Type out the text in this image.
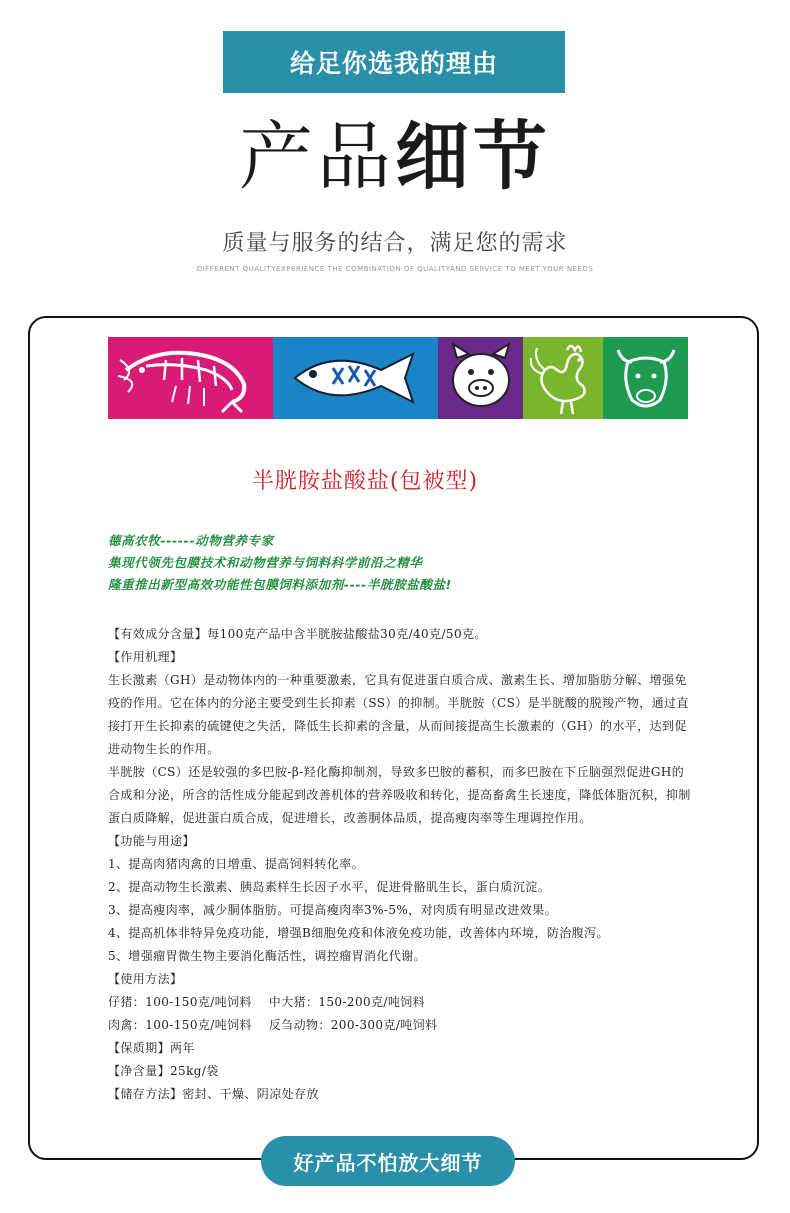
给足你选我的理由
产品细节
质量与服务的结合，满足您的需求
DIFFERENT QUALITYEXPERIENCE THE COMBINATION OF QUALITYAND SERVICE TO MEET YOUR NEEDS
半胱胺盐酸盐(包被型)
德高农牧------动物营养专家
集现代领先包膜技术和动物营养与饲料科学前沿之精华
隆重推出新型高效功能性包膜饲料添加剂----半胱胺盐酸盐!

【有效成分含量】每100克产品中含半胱胺盐酸盐30克/40克/50克。

【作用机理】

生长激素（GH）是动物体内的一种重要激素，它具有促进蛋白质合成、激素生长、增加脂肪分解、增强免疫的作用。它在体内的分泌主要受到生长抑素（SS）的抑制。半胱胺（CS）是半胱酸的脱羧产物，通过直接打开生长抑素的硫键使之失活，降低生长抑素的含量，从而间接提高生长激素的（GH）的水平，达到促进动物生长的作用。

半胱胺（CS）还是较强的多巴胺-β-羟化酶抑制剂，导致多巴胺的蓄积，而多巴胺在下丘脑强烈促进GH的合成和分泌，所含的活性成分能起到改善机体的营养吸收和转化，提高畜禽生长速度，降低体脂沉积，抑制蛋白质降解，促进蛋白质合成，促进增长，改善胴体品质，提高瘦肉率等生理调控作用。

【功能与用途】

1、提高肉猪肉禽的日增重、提高饲料转化率。

2、提高动物生长激素、胰岛素样生长因子水平，促进骨骼肌生长，蛋白质沉淀。

3、提高瘦肉率，减少胴体脂肪。可提高瘦肉率3%-5%，对肉质有明显改进效果。

4、提高机体非特异免疫功能，增强B细胞免疫和体液免疫功能，改善体内环境，防治腹泻。

5、增强瘤胃微生物主要消化酶活性，调控瘤胃消化代谢。

【使用方法】

仔猪：100-150克/吨饲料    中大猪：150-200克/吨饲料

肉禽：100-150克/吨饲料    反刍动物：200-300克/吨饲料

【保质期】两年

【净含量】25kg/袋

【储存方法】密封、干燥、阴凉处存放

好产品不怕放大细节
